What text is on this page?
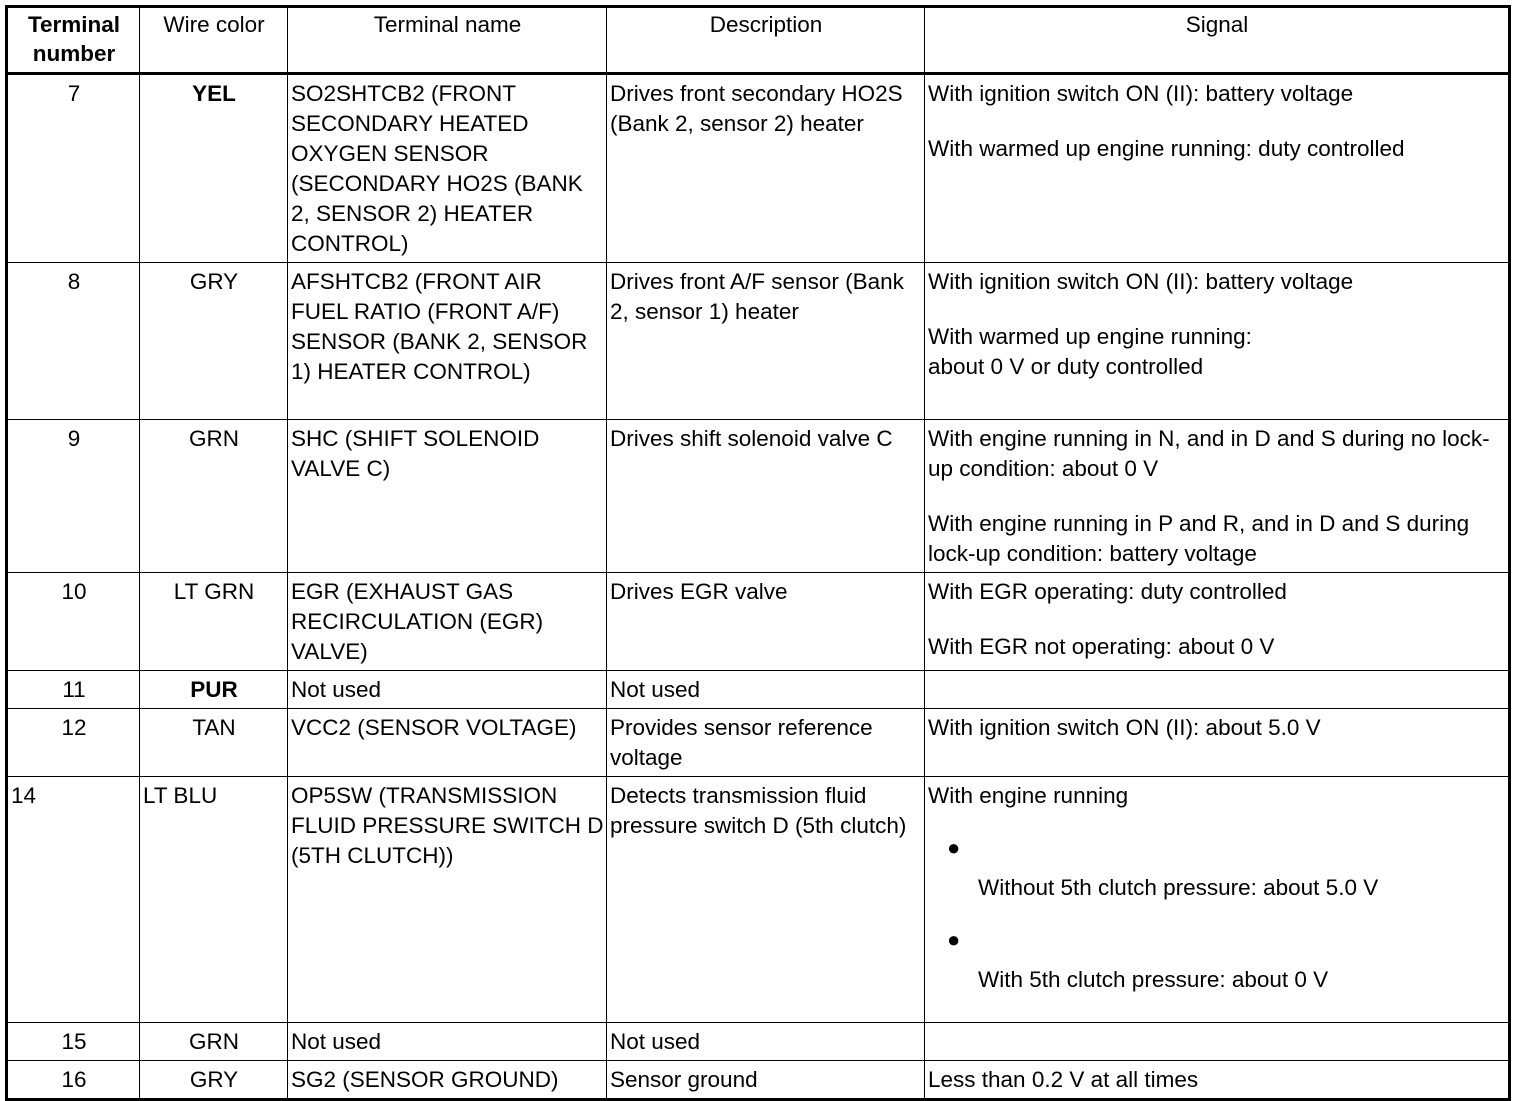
Terminal number	Wire color	Terminal name	Description	Signal
7	YEL	SO2SHTCB2 (FRONT SECONDARY HEATED OXYGEN SENSOR (SECONDARY HO2S (BANK 2, SENSOR 2) HEATER CONTROL)	Drives front secondary HO2S (Bank 2, sensor 2) heater	With ignition switch ON (II): battery voltage
With warmed up engine running: duty controlled

8	GRY	AFSHTCB2 (FRONT AIR FUEL RATIO (FRONT A/F) SENSOR (BANK 2, SENSOR 1) HEATER CONTROL)	Drives front A/F sensor (Bank 2, sensor 1) heater	With ignition switch ON (II): battery voltage
With warmed up engine running: about 0 V or duty controlled

9	GRN	SHC (SHIFT SOLENOID VALVE C)	Drives shift solenoid valve C	With engine running in N, and in D and S during no lock-up condition: about 0 V
With engine running in P and R, and in D and S during lock-up condition: battery voltage

10	LT GRN	EGR (EXHAUST GAS RECIRCULATION (EGR) VALVE)	Drives EGR valve	With EGR operating: duty controlled
With EGR not operating: about 0 V

11	PUR	Not used	Not used	
12	TAN	VCC2 (SENSOR VOLTAGE)	Provides sensor reference voltage	With ignition switch ON (II): about 5.0 V

14	LT BLU	OP5SW (TRANSMISSION FLUID PRESSURE SWITCH D (5TH CLUTCH))	Detects transmission fluid pressure switch D (5th clutch)	With engine running
●
Without 5th clutch pressure: about 5.0 V
●
With 5th clutch pressure: about 0 V

15	GRN	Not used	Not used	
16	GRY	SG2 (SENSOR GROUND)	Sensor ground	Less than 0.2 V at all times
